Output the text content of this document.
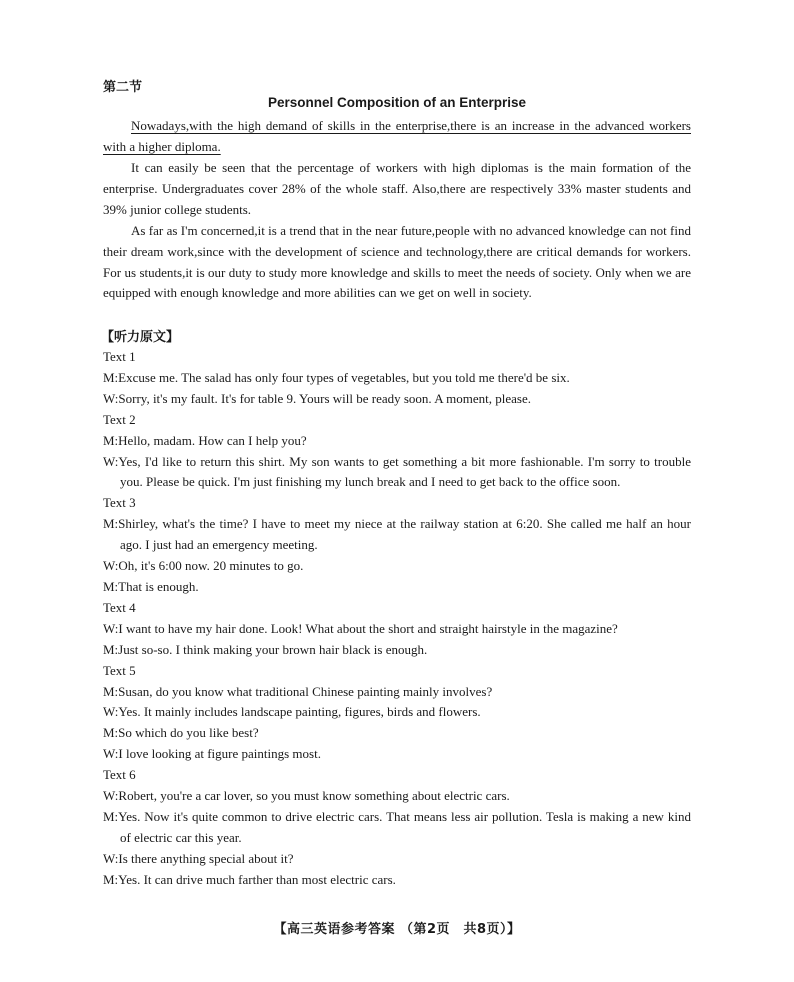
第二节
Personnel Composition of an Enterprise

Nowadays,with the high demand of skills in the enterprise,there is an increase in the advanced workers with a higher diploma.

It can easily be seen that the percentage of workers with high diplomas is the main formation of the enterprise. Undergraduates cover 28% of the whole staff. Also,there are respectively 33% master students and 39% junior college students.

As far as I'm concerned,it is a trend that in the near future,people with no advanced knowledge can not find their dream work,since with the development of science and technology,there are critical demands for workers. For us students,it is our duty to study more knowledge and skills to meet the needs of society. Only when we are equipped with enough knowledge and more abilities can we get on well in society.

【听力原文】

Text 1

M:Excuse me. The salad has only four types of vegetables, but you told me there'd be six.

W:Sorry, it's my fault. It's for table 9. Yours will be ready soon. A moment, please.

Text 2

M:Hello, madam. How can I help you?

W:Yes, I'd like to return this shirt. My son wants to get something a bit more fashionable. I'm sorry to trouble you. Please be quick. I'm just finishing my lunch break and I need to get back to the office soon.

Text 3

M:Shirley, what's the time? I have to meet my niece at the railway station at 6:20. She called me half an hour ago. I just had an emergency meeting.

W:Oh, it's 6:00 now. 20 minutes to go.

M:That is enough.

Text 4

W:I want to have my hair done. Look! What about the short and straight hairstyle in the magazine?

M:Just so-so. I think making your brown hair black is enough.

Text 5

M:Susan, do you know what traditional Chinese painting mainly involves?

W:Yes. It mainly includes landscape painting, figures, birds and flowers.

M:So which do you like best?

W:I love looking at figure paintings most.

Text 6

W:Robert, you're a car lover, so you must know something about electric cars.

M:Yes. Now it's quite common to drive electric cars. That means less air pollution. Tesla is making a new kind of electric car this year.

W:Is there anything special about it?

M:Yes. It can drive much farther than most electric cars.

【高三英语参考答案 （第2页　共8页）】
